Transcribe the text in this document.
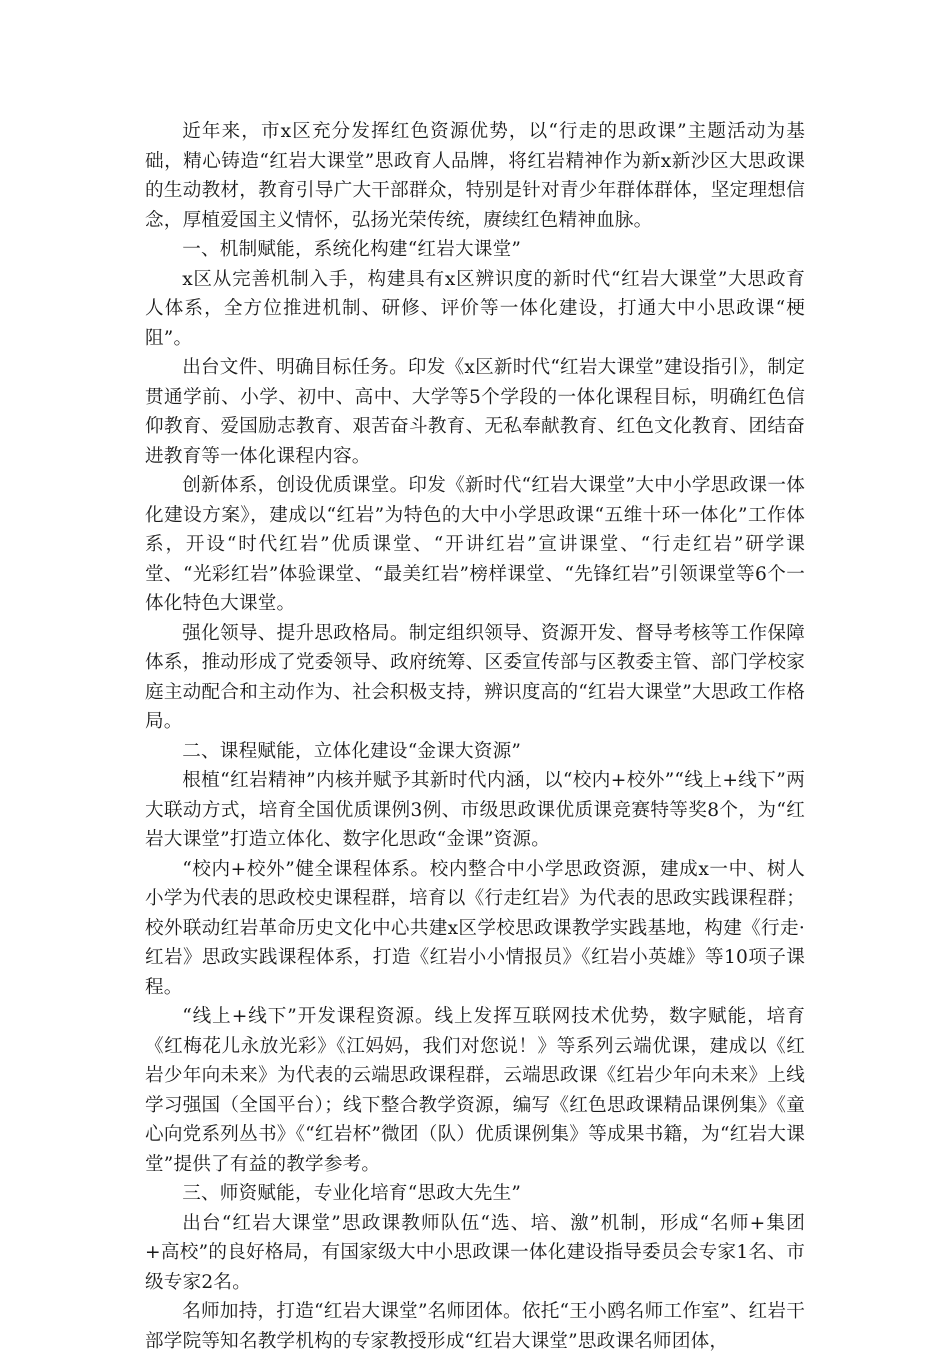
近年来，市x区充分发挥红色资源优势，以“行走的思政课”主题活动为基础，精心铸造“红岩大课堂”思政育人品牌，将红岩精神作为新x新沙区大思政课的生动教材，教育引导广大干部群众，特别是针对青少年群体群体，坚定理想信念，厚植爱国主义情怀，弘扬光荣传统，赓续红色精神血脉。

一、机制赋能，系统化构建“红岩大课堂”

x区从完善机制入手，构建具有x区辨识度的新时代“红岩大课堂”大思政育人体系，全方位推进机制、研修、评价等一体化建设，打通大中小思政课“梗阻”。

出台文件、明确目标任务。印发《x区新时代“红岩大课堂”建设指引》，制定贯通学前、小学、初中、高中、大学等5个学段的一体化课程目标，明确红色信仰教育、爱国励志教育、艰苦奋斗教育、无私奉献教育、红色文化教育、团结奋进教育等一体化课程内容。

创新体系，创设优质课堂。印发《新时代“红岩大课堂”大中小学思政课一体化建设方案》，建成以“红岩”为特色的大中小学思政课“五维十环一体化”工作体系，开设“时代红岩”优质课堂、“开讲红岩”宣讲课堂、“行走红岩”研学课堂、“光彩红岩”体验课堂、“最美红岩”榜样课堂、“先锋红岩”引领课堂等6个一体化特色大课堂。

强化领导、提升思政格局。制定组织领导、资源开发、督导考核等工作保障体系，推动形成了党委领导、政府统筹、区委宣传部与区教委主管、部门学校家庭主动配合和主动作为、社会积极支持，辨识度高的“红岩大课堂”大思政工作格局。

二、课程赋能，立体化建设“金课大资源”

根植“红岩精神”内核并赋予其新时代内涵，以“校内+校外”“线上+线下”两大联动方式，培育全国优质课例3例、市级思政课优质课竞赛特等奖8个，为“红岩大课堂”打造立体化、数字化思政“金课”资源。

“校内+校外”健全课程体系。校内整合中小学思政资源，建成x一中、树人小学为代表的思政校史课程群，培育以《行走红岩》为代表的思政实践课程群；校外联动红岩革命历史文化中心共建x区学校思政课教学实践基地，构建《行走·红岩》思政实践课程体系，打造《红岩小小情报员》《红岩小英雄》等10项子课程。

“线上+线下”开发课程资源。线上发挥互联网技术优势，数字赋能，培育《红梅花儿永放光彩》《江妈妈，我们对您说！》等系列云端优课，建成以《红岩少年向未来》为代表的云端思政课程群，云端思政课《红岩少年向未来》上线学习强国（全国平台）；线下整合教学资源，编写《红色思政课精品课例集》《童心向党系列丛书》《“红岩杯”微团（队）优质课例集》等成果书籍，为“红岩大课堂”提供了有益的教学参考。

三、师资赋能，专业化培育“思政大先生”

出台“红岩大课堂”思政课教师队伍“选、培、激”机制，形成“名师+集团+高校”的良好格局，有国家级大中小思政课一体化建设指导委员会专家1名、市级专家2名。

名师加持，打造“红岩大课堂”名师团体。依托“王小鸥名师工作室”、红岩干部学院等知名教学机构的专家教授形成“红岩大课堂”思政课名师团体，
